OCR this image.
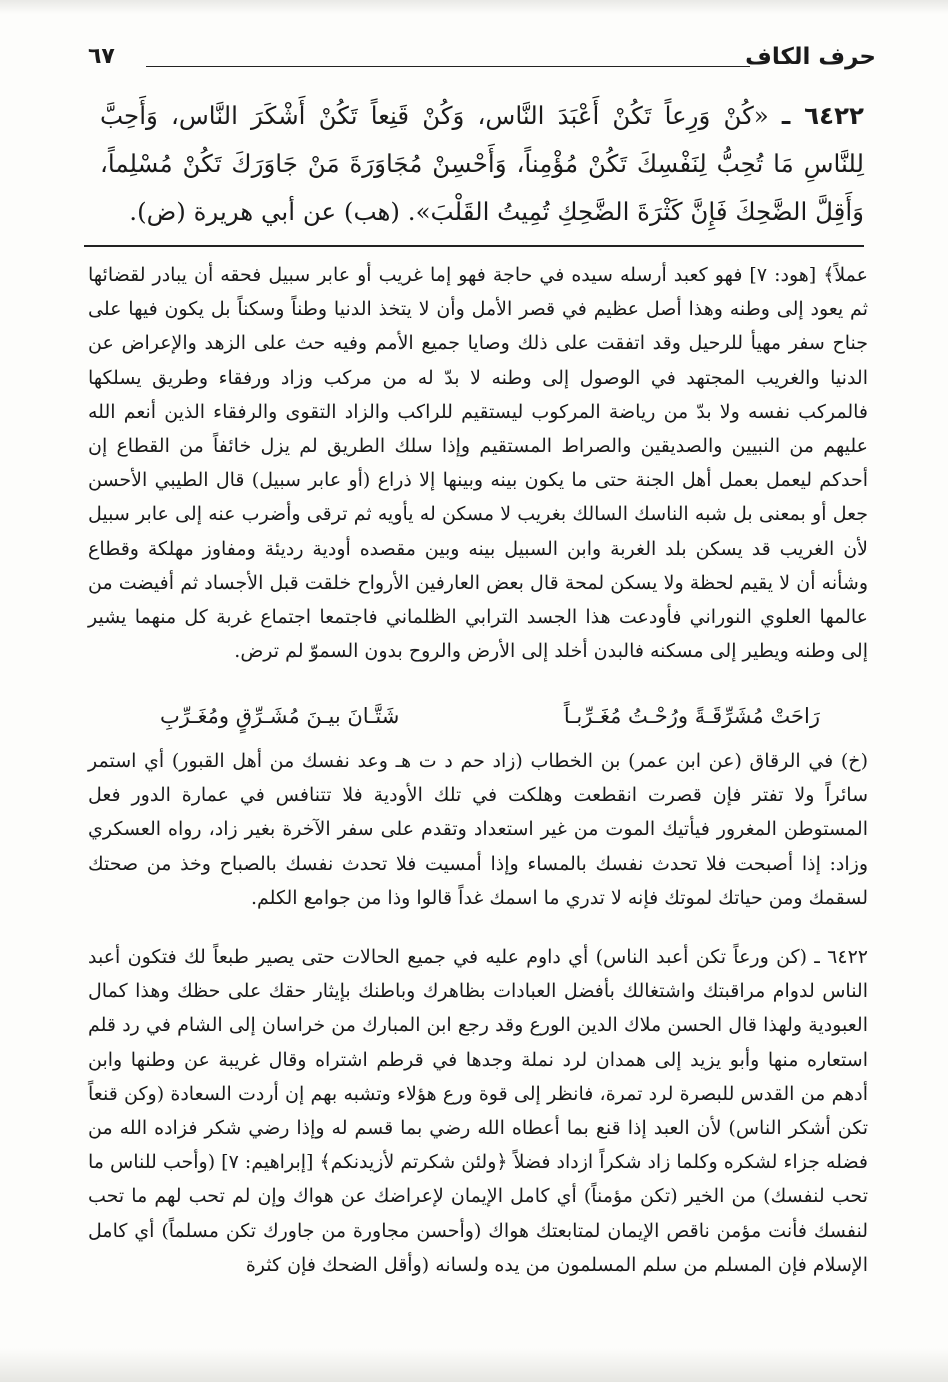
حرف الكاف
٦٧
٦٤٢٢ ـ «كُنْ وَرِعاً تَكُنْ أَعْبَدَ النَّاس، وَكُنْ قَنِعاً تَكُنْ أَشْكَرَ النَّاس، وَأَحِبَّ لِلنَّاسِ مَا تُحِبُّ لِنَفْسِكَ تَكُنْ مُؤْمِناً، وَأَحْسِنْ مُجَاوَرَةَ مَنْ جَاوَرَكَ تَكُنْ مُسْلِماً، وَأَقِلَّ الضَّحِكَ فَإِنَّ كَثْرَةَ الضَّحِكِ تُمِيتُ القَلْبَ». (هب) عن أبي هريرة (ض).

عملاً﴾ [هود: ٧] فهو كعبد أرسله سيده في حاجة فهو إما غريب أو عابر سبيل فحقه أن يبادر لقضائها ثم يعود إلى وطنه وهذا أصل عظيم في قصر الأمل وأن لا يتخذ الدنيا وطناً وسكناً بل يكون فيها على جناح سفر مهيأ للرحيل وقد اتفقت على ذلك وصايا جميع الأمم وفيه حث على الزهد والإعراض عن الدنيا والغريب المجتهد في الوصول إلى وطنه لا بدّ له من مركب وزاد ورفقاء وطريق يسلكها فالمركب نفسه ولا بدّ من رياضة المركوب ليستقيم للراكب والزاد التقوى والرفقاء الذين أنعم الله عليهم من النبيين والصديقين والصراط المستقيم وإذا سلك الطريق لم يزل خائفاً من القطاع إن أحدكم ليعمل بعمل أهل الجنة حتى ما يكون بينه وبينها إلا ذراع (أو عابر سبيل) قال الطيبي الأحسن جعل أو بمعنى بل شبه الناسك السالك بغريب لا مسكن له يأويه ثم ترقى وأضرب عنه إلى عابر سبيل لأن الغريب قد يسكن بلد الغربة وابن السبيل بينه وبين مقصده أودية رديئة ومفاوز مهلكة وقطاع وشأنه أن لا يقيم لحظة ولا يسكن لمحة قال بعض العارفين الأرواح خلقت قبل الأجساد ثم أفيضت من عالمها العلوي النوراني فأودعت هذا الجسد الترابي الظلماني فاجتمعا اجتماع غربة كل منهما يشير إلى وطنه ويطير إلى مسكنه فالبدن أخلد إلى الأرض والروح بدون السموّ لم ترض.

رَاحَتْ مُشَرِّقَـةً ورُحْـتُ مُغَـرِّبـاً
شَتَّـانَ بيـنَ مُشَـرِّقٍ ومُغَـرِّبِ

(خ) في الرقاق (عن ابن عمر) بن الخطاب (زاد حم د ت هـ وعد نفسك من أهل القبور) أي استمر سائراً ولا تفتر فإن قصرت انقطعت وهلكت في تلك الأودية فلا تتنافس في عمارة الدور فعل المستوطن المغرور فيأتيك الموت من غير استعداد وتقدم على سفر الآخرة بغير زاد، رواه العسكري وزاد: إذا أصبحت فلا تحدث نفسك بالمساء وإذا أمسيت فلا تحدث نفسك بالصباح وخذ من صحتك لسقمك ومن حياتك لموتك فإنه لا تدري ما اسمك غداً قالوا وذا من جوامع الكلم.

٦٤٢٢ ـ (كن ورعاً تكن أعبد الناس) أي داوم عليه في جميع الحالات حتى يصير طبعاً لك فتكون أعبد الناس لدوام مراقبتك واشتغالك بأفضل العبادات بظاهرك وباطنك بإيثار حقك على حظك وهذا كمال العبودية ولهذا قال الحسن ملاك الدين الورع وقد رجع ابن المبارك من خراسان إلى الشام في رد قلم استعاره منها وأبو يزيد إلى همدان لرد نملة وجدها في قرطم اشتراه وقال غريبة عن وطنها وابن أدهم من القدس للبصرة لرد تمرة، فانظر إلى قوة ورع هؤلاء وتشبه بهم إن أردت السعادة (وكن قنعاً تكن أشكر الناس) لأن العبد إذا قنع بما أعطاه الله رضي بما قسم له وإذا رضي شكر فزاده الله من فضله جزاء لشكره وكلما زاد شكراً ازداد فضلاً ﴿ولئن شكرتم لأزيدنكم﴾ [إبراهيم: ٧] (وأحب للناس ما تحب لنفسك) من الخير (تكن مؤمناً) أي كامل الإيمان لإعراضك عن هواك وإن لم تحب لهم ما تحب لنفسك فأنت مؤمن ناقص الإيمان لمتابعتك هواك (وأحسن مجاورة من جاورك تكن مسلماً) أي كامل الإسلام فإن المسلم من سلم المسلمون من يده ولسانه (وأقل الضحك فإن كثرة
